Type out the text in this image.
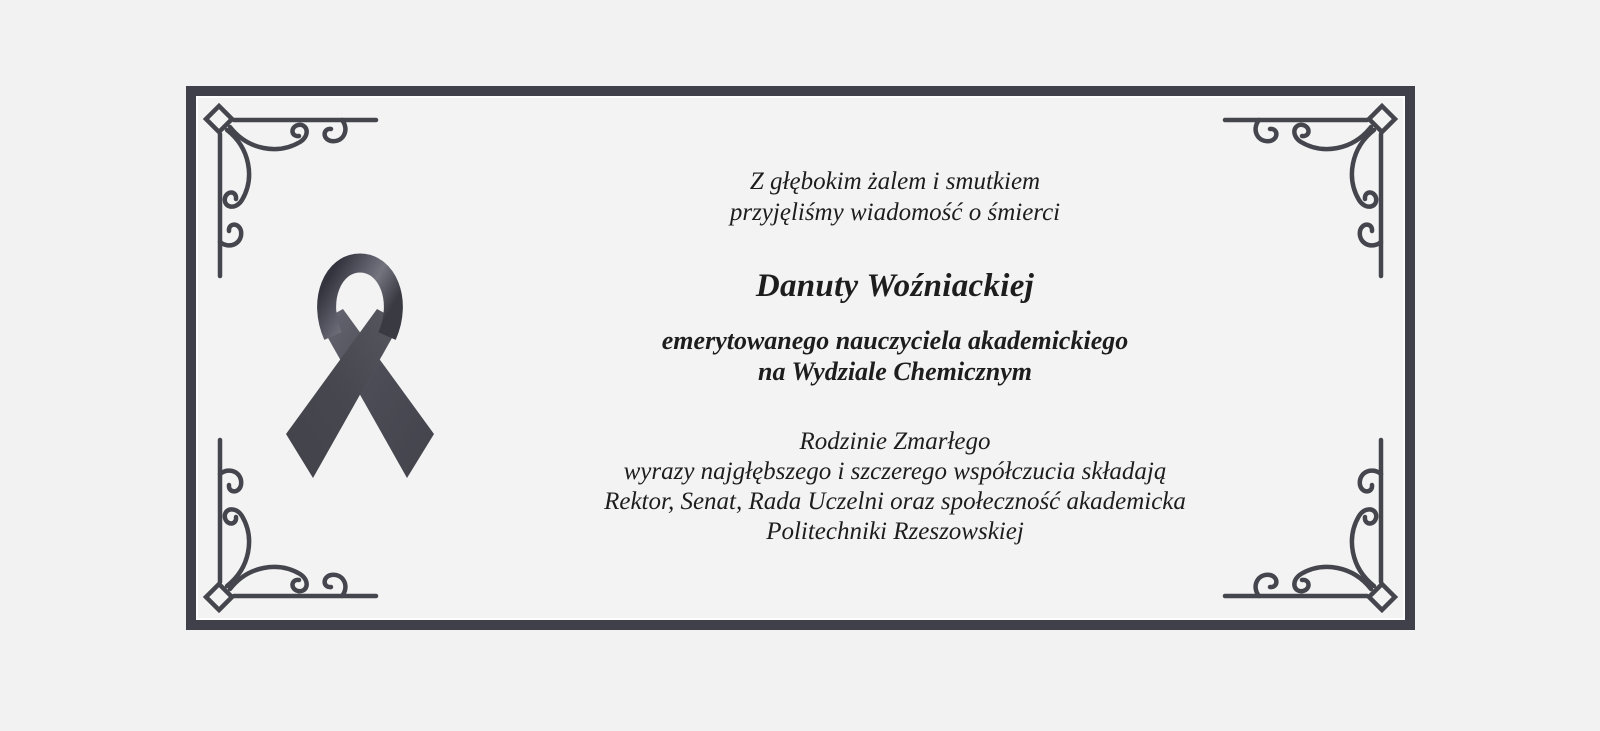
Z głębokim żalem i smutkiem
przyjęliśmy wiadomość o śmierci
Danuty Woźniackiej
emerytowanego nauczyciela akademickiego
na Wydziale Chemicznym
Rodzinie Zmarłego
wyrazy najgłębszego i szczerego współczucia składają
Rektor, Senat, Rada Uczelni oraz społeczność akademicka
Politechniki Rzeszowskiej
